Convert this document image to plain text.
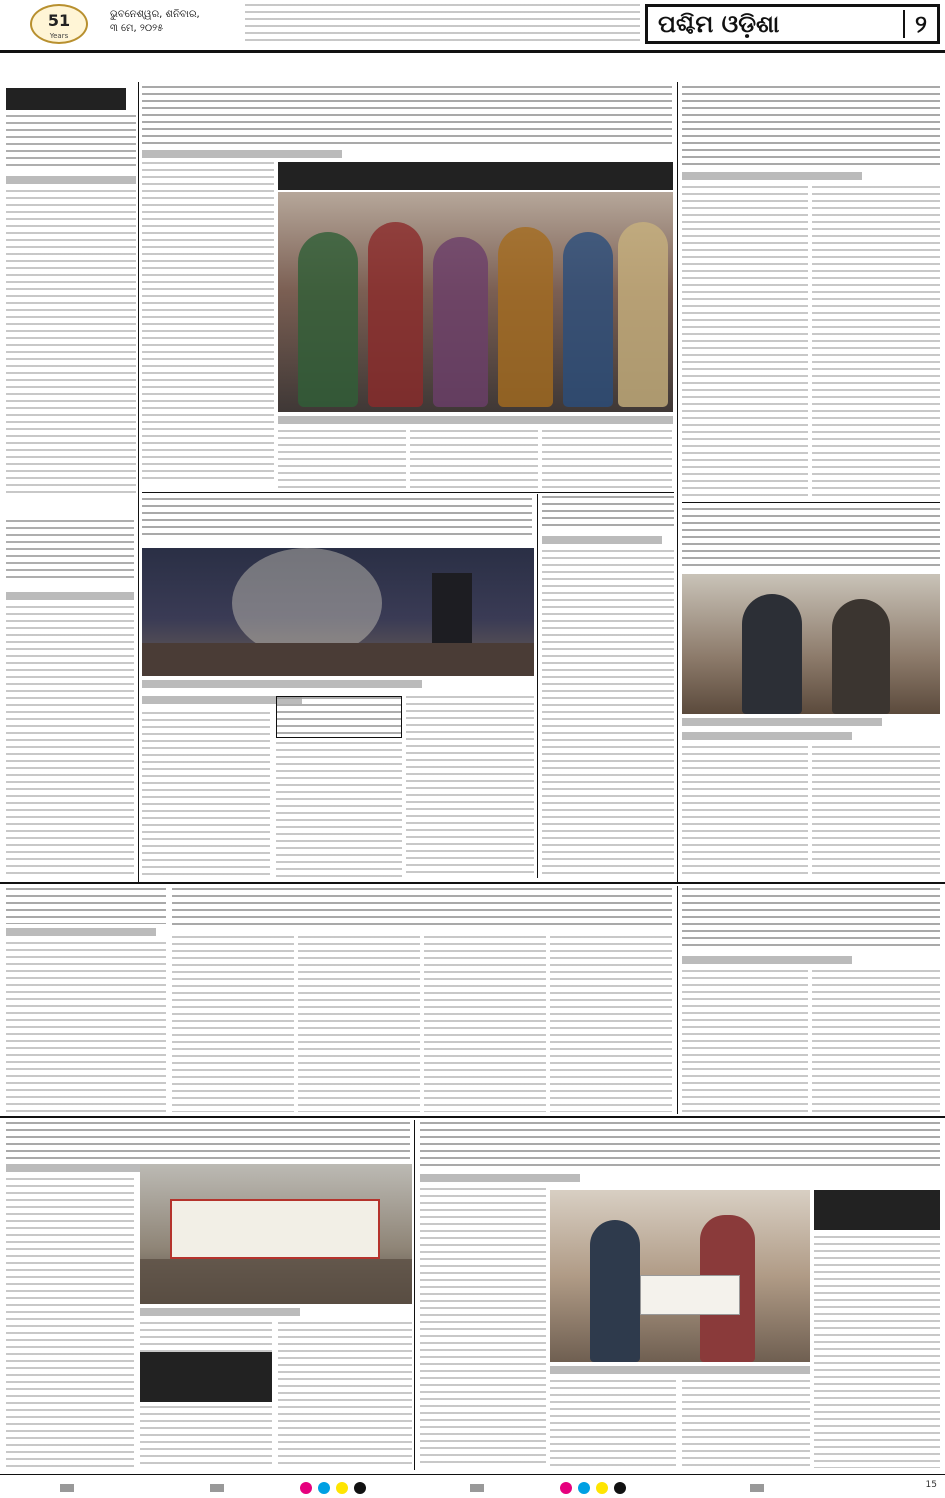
51
Years
ଭୁବନେଶ୍ୱର, ଶନିବାର,
୩ ମେ, ୨୦୨୫	ପଶ୍ଚିମ ଓଡ଼ିଶା	୨
15
